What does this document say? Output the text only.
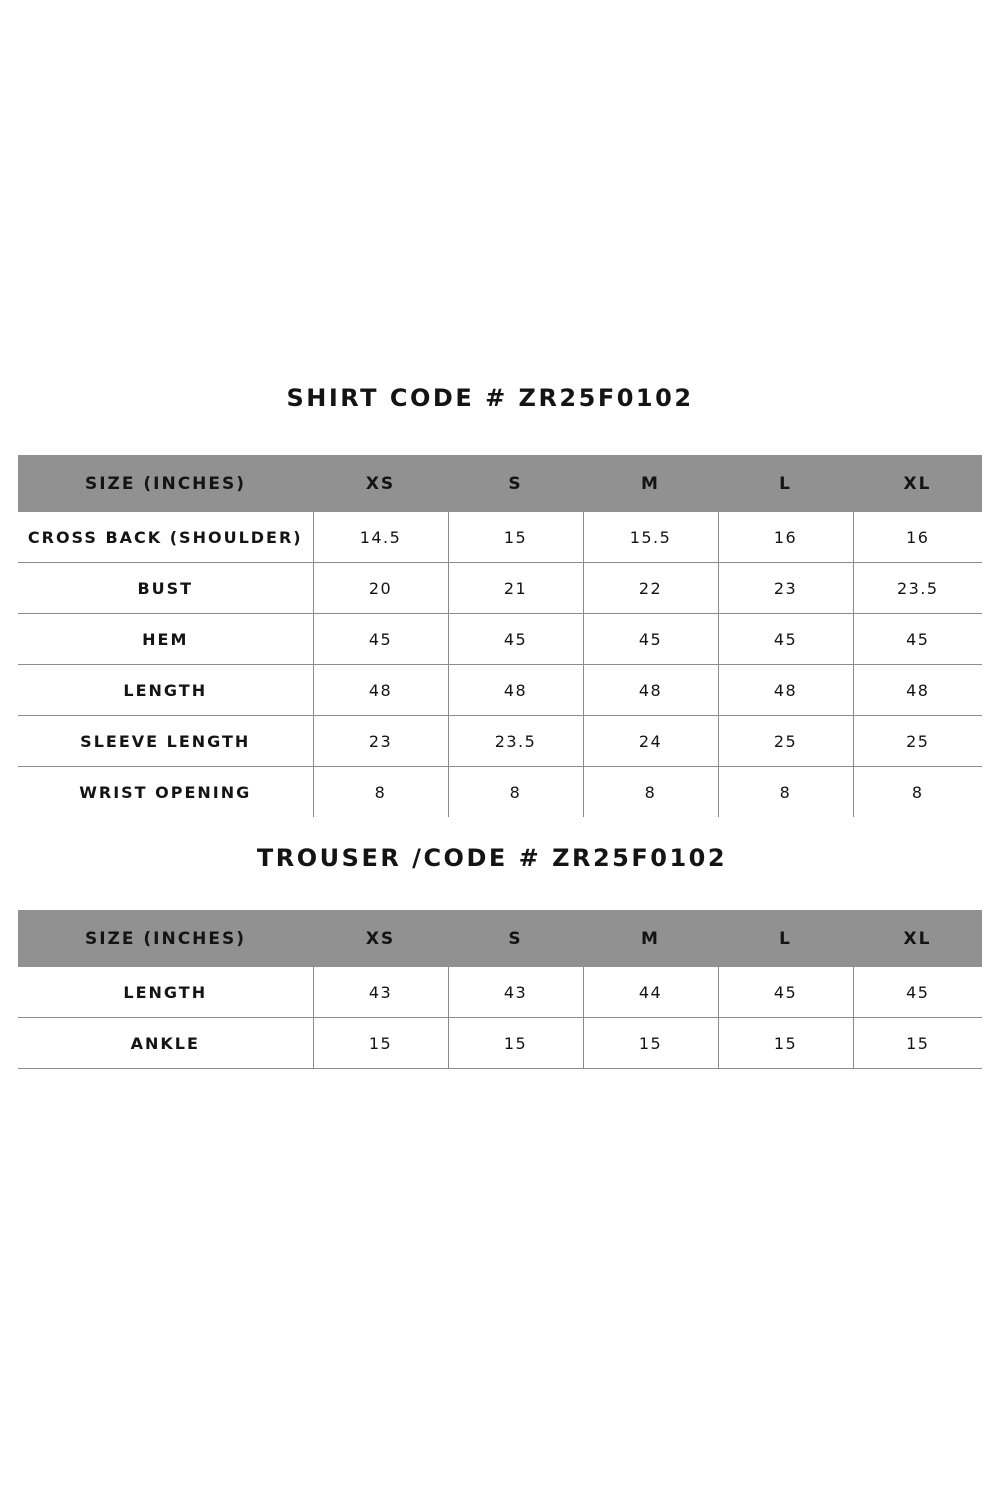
SHIRT CODE # ZR25F0102
SIZE (INCHES)	XS	S	M	L	XL
CROSS BACK (SHOULDER)	14.5	15	15.5	16	16
BUST	20	21	22	23	23.5
HEM	45	45	45	45	45
LENGTH	48	48	48	48	48
SLEEVE LENGTH	23	23.5	24	25	25
WRIST OPENING	8	8	8	8	8
TROUSER /CODE # ZR25F0102
SIZE (INCHES)	XS	S	M	L	XL
LENGTH	43	43	44	45	45
ANKLE	15	15	15	15	15
